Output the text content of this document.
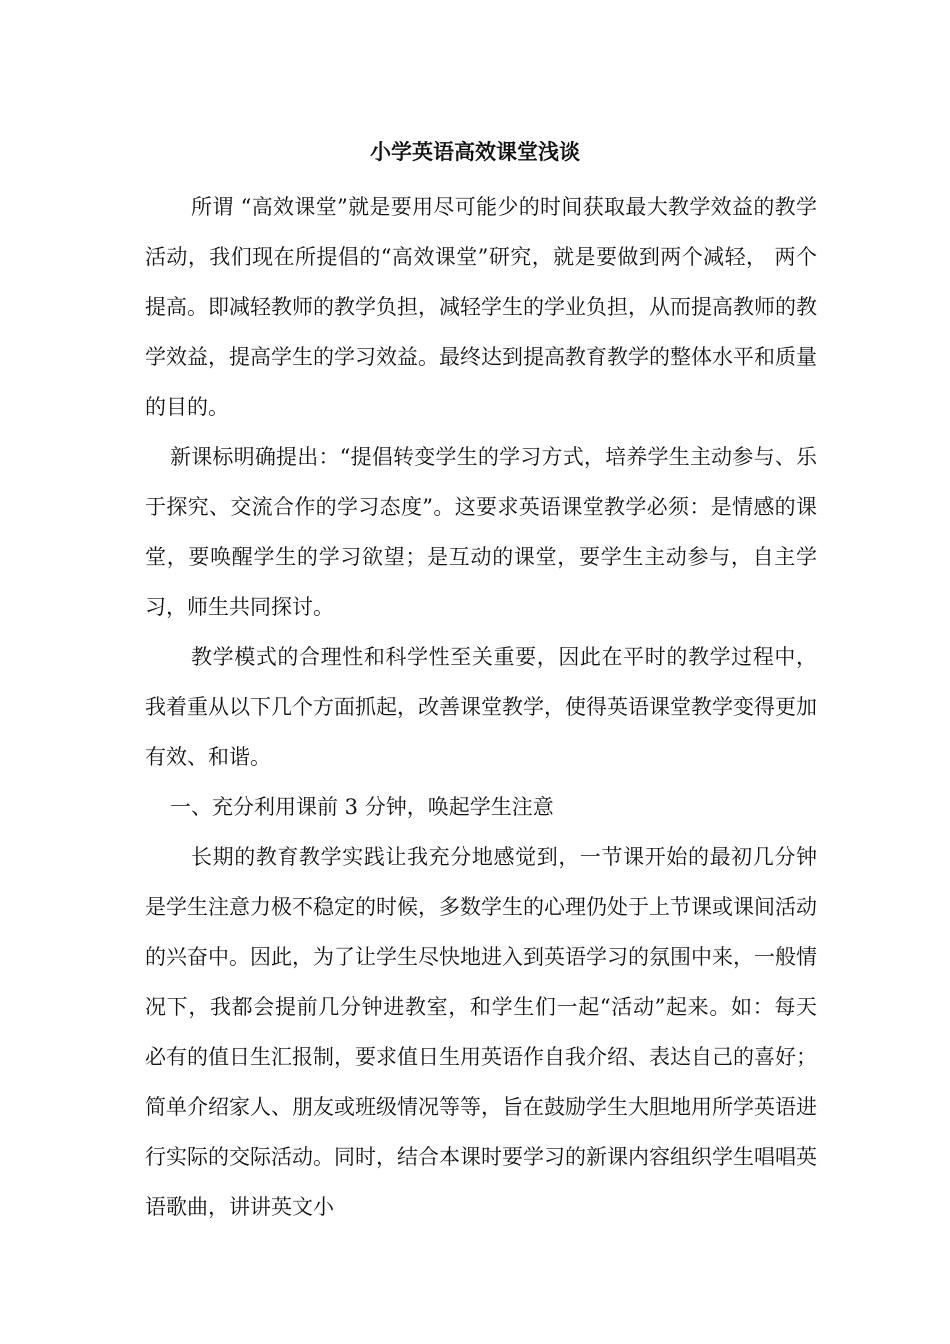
小学英语高效课堂浅谈

所谓 “高效课堂”就是要用尽可能少的时间获取最大教学效益的教学活动，我们现在所提倡的“高效课堂”研究，就是要做到两个减轻， 两个提高。即减轻教师的教学负担，减轻学生的学业负担，从而提高教师的教学效益，提高学生的学习效益。最终达到提高教育教学的整体水平和质量的目的。

新课标明确提出：“提倡转变学生的学习方式，培养学生主动参与、乐于探究、交流合作的学习态度”。这要求英语课堂教学必须：是情感的课堂，要唤醒学生的学习欲望；是互动的课堂，要学生主动参与，自主学习，师生共同探讨。

教学模式的合理性和科学性至关重要，因此在平时的教学过程中，我着重从以下几个方面抓起，改善课堂教学，使得英语课堂教学变得更加有效、和谐。

一、充分利用课前 3 分钟，唤起学生注意

长期的教育教学实践让我充分地感觉到，一节课开始的最初几分钟是学生注意力极不稳定的时候，多数学生的心理仍处于上节课或课间活动的兴奋中。因此，为了让学生尽快地进入到英语学习的氛围中来，一般情况下，我都会提前几分钟进教室，和学生们一起“活动”起来。如：每天必有的值日生汇报制，要求值日生用英语作自我介绍、表达自己的喜好；简单介绍家人、朋友或班级情况等等，旨在鼓励学生大胆地用所学英语进行实际的交际活动。同时，结合本课时要学习的新课内容组织学生唱唱英语歌曲，讲讲英文小
